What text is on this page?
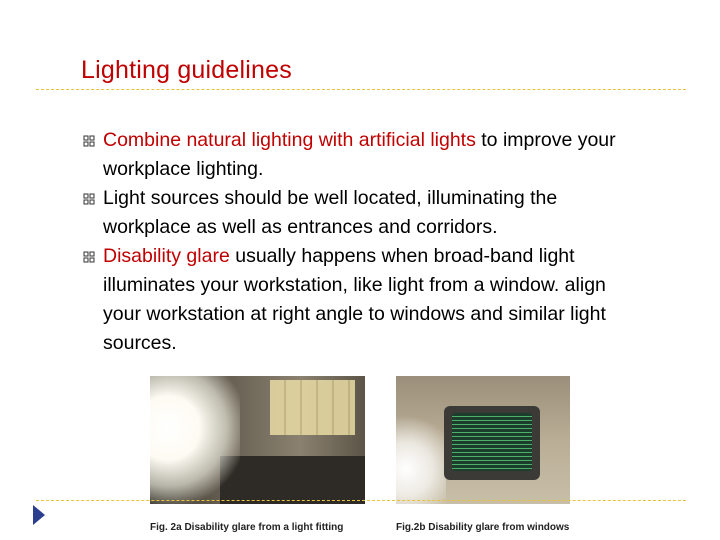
Lighting guidelines
Combine natural lighting with artificial lights to improve your workplace lighting.
Light sources should be well located, illuminating the workplace as well as entrances and corridors.
Disability glare usually happens when broad-band light illuminates your workstation, like light from a window. align your workstation at right angle to windows and similar light sources.
Fig. 2a Disability glare from a light fitting	Fig.2b Disability glare from windows
